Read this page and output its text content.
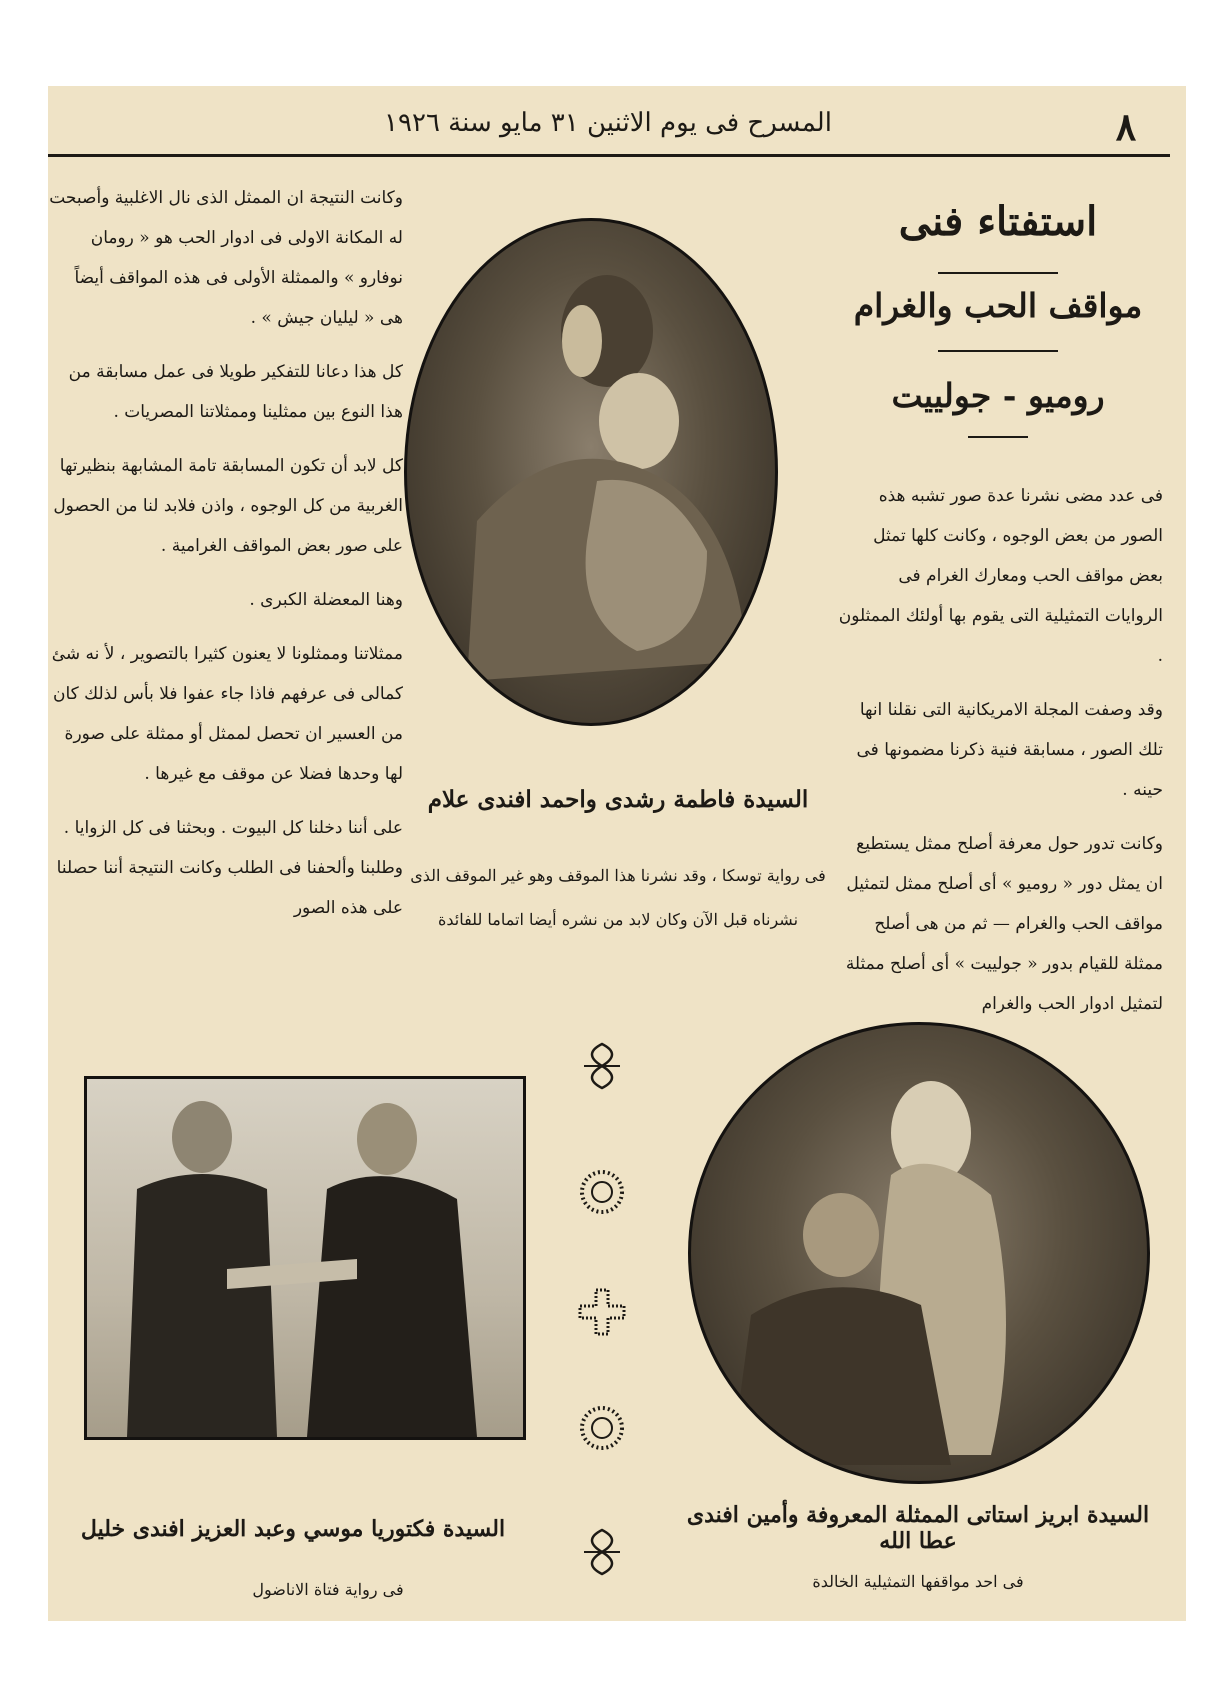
٨
المسرح فى يوم الاثنين ٣١ مايو سنة ١٩٢٦
استفتاء فنى
مواقف الحب والغرام
روميو - جولييت

فى عدد مضى نشرنا عدة صور تشبه هذه الصور من بعض الوجوه ، وكانت كلها تمثل بعض مواقف الحب ومعارك الغرام فى الروايات التمثيلية التى يقوم بها أولئك الممثلون .

وقد وصفت المجلة الامريكانية التى نقلنا انها تلك الصور ، مسابقة فنية ذكرنا مضمونها فى حينه .

وكانت تدور حول معرفة أصلح ممثل يستطيع ان يمثل دور « روميو » أى أصلح ممثل لتمثيل مواقف الحب والغرام — ثم من هى أصلح ممثلة للقيام بدور « جولييت » أى أصلح ممثلة لتمثيل ادوار الحب والغرام

وكانت النتيجة ان الممثل الذى نال الاغلبية وأصبحت له المكانة الاولى فى ادوار الحب هو « رومان نوفارو » والممثلة الأولى فى هذه المواقف أيضاً هى « ليليان جيش » .

كل هذا دعانا للتفكير طويلا فى عمل مسابقة من هذا النوع بين ممثلينا وممثلاتنا المصريات .

كل لابد أن تكون المسابقة تامة المشابهة بنظيرتها الغربية من كل الوجوه ، واذن فلابد لنا من الحصول على صور بعض المواقف الغرامية .

وهنا المعضلة الكبرى .

ممثلاتنا وممثلونا لا يعنون كثيرا بالتصوير ، لأ نه شئ كمالى فى عرفهم فاذا جاء عفوا فلا بأس لذلك كان من العسير ان تحصل لممثل أو ممثلة على صورة لها وحدها فضلا عن موقف مع غيرها .

على أننا دخلنا كل البيوت . وبحثنا فى كل الزوايا . وطلبنا وألحفنا فى الطلب وكانت النتيجة أننا حصلنا على هذه الصور

السيدة فاطمة رشدى واحمد افندى علام
فى رواية توسكا ، وقد نشرنا هذا الموقف وهو غير الموقف الذى نشرناه قبل الآن وكان لابد من نشره أيضا اتماما للفائدة
السيدة ابريز استاتى الممثلة المعروفة وأمين افندى عطا الله
فى احد مواقفها التمثيلية الخالدة
السيدة فكتوريا موسي وعبد العزيز افندى خليل
فى رواية فتاة الاناضول
